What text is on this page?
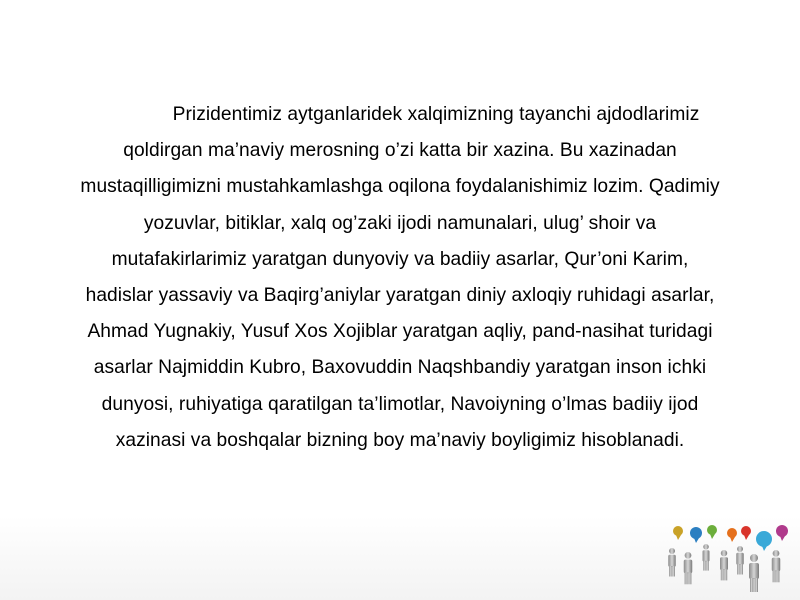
Prizidentimiz aytganlaridek xalqimizning tayanchi ajdodlarimiz
qoldirgan ma’naviy merosning o’zi katta bir xazina. Bu xazinadan
mustaqilligimizni mustahkamlashga oqilona foydalanishimiz lozim. Qadimiy
yozuvlar, bitiklar, xalq og’zaki ijodi namunalari, ulug’ shoir va
mutafakirlarimiz yaratgan dunyoviy va badiiy asarlar, Qur’oni Karim,
hadislar yassaviy va Baqirg’aniylar yaratgan diniy axloqiy ruhidagi asarlar,
Ahmad Yugnakiy, Yusuf Xos Xojiblar yaratgan aqliy, pand-nasihat turidagi
asarlar Najmiddin Kubro, Baxovuddin Naqshbandiy yaratgan inson ichki
dunyosi, ruhiyatiga qaratilgan ta’limotlar, Navoiyning o’lmas badiiy ijod
xazinasi va boshqalar bizning boy ma’naviy boyligimiz hisoblanadi.
